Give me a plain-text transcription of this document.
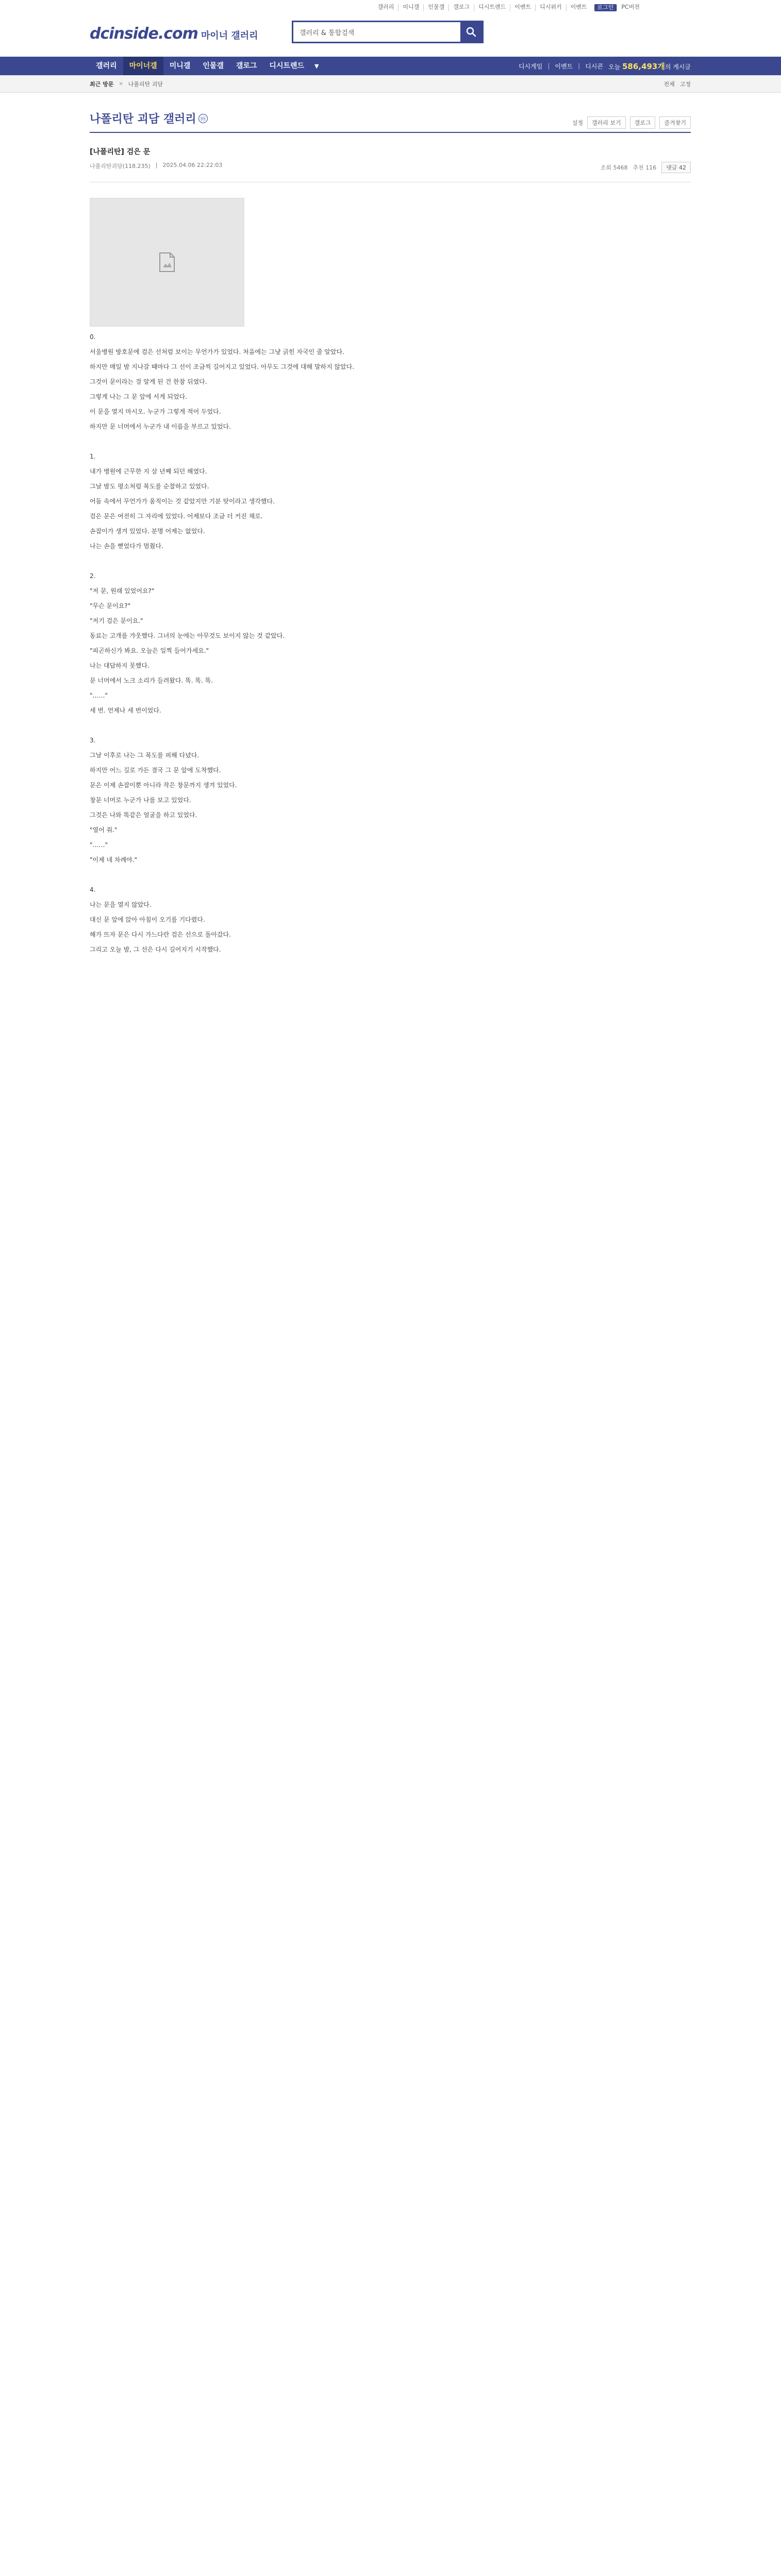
갤러리	미니갤	인물갤	갤로그	디시트렌드	이벤트	디시위키	이벤트	로그인	PC버전
dcinside.com 마이너 갤러리
갤러리 & 통합검색
갤러리	마이너갤	미니갤	인물갤	갤로그	디시트렌드	▼	디시게임 | 이벤트 | 디시콘 오늘 586,493개의 게시글
최근 방문 ✕ 나폴리탄 괴담	전체 고정
나폴리탄 괴담 갤러리 ⓜ
설정	갤러리 보기	갤로그	즐겨찾기
[나폴리탄] 검은 문
나폴리탄괴담(118.235) | 2025.04.06 22:22:03	조회 5468 추천 116	댓글 42

0.

서울병원 방호문에 검은 선처럼 보이는 무언가가 있었다. 처음에는 그냥 긁힌 자국인 줄 알았다.

하지만 매일 밤 지나갈 때마다 그 선이 조금씩 길어지고 있었다. 아무도 그것에 대해 말하지 않았다.

그것이 문이라는 걸 알게 된 건 한참 뒤였다.

그렇게 나는 그 문 앞에 서게 되었다.

이 문을 열지 마시오. 누군가 그렇게 적어 두었다.

하지만 문 너머에서 누군가 내 이름을 부르고 있었다.

1.

내가 병원에 근무한 지 삼 년째 되던 해였다.

그날 밤도 평소처럼 복도를 순찰하고 있었다.

어둠 속에서 무언가가 움직이는 것 같았지만 기분 탓이라고 생각했다.

검은 문은 여전히 그 자리에 있었다. 어제보다 조금 더 커진 채로.

손잡이가 생겨 있었다. 분명 어제는 없었다.

나는 손을 뻗었다가 멈췄다.

2.

"저 문, 원래 있었어요?"

"무슨 문이요?"

"저기 검은 문이요."

동료는 고개를 갸웃했다. 그녀의 눈에는 아무것도 보이지 않는 것 같았다.

"피곤하신가 봐요. 오늘은 일찍 들어가세요."

나는 대답하지 못했다.

문 너머에서 노크 소리가 들려왔다. 똑. 똑. 똑.

"……"

세 번. 언제나 세 번이었다.

3.

그날 이후로 나는 그 복도를 피해 다녔다.

하지만 어느 길로 가든 결국 그 문 앞에 도착했다.

문은 이제 손잡이뿐 아니라 작은 창문까지 생겨 있었다.

창문 너머로 누군가 나를 보고 있었다.

그것은 나와 똑같은 얼굴을 하고 있었다.

"열어 줘."

"……"

"이제 네 차례야."

4.

나는 문을 열지 않았다.

대신 문 앞에 앉아 아침이 오기를 기다렸다.

해가 뜨자 문은 다시 가느다란 검은 선으로 돌아갔다.

그리고 오늘 밤, 그 선은 다시 길어지기 시작했다.
